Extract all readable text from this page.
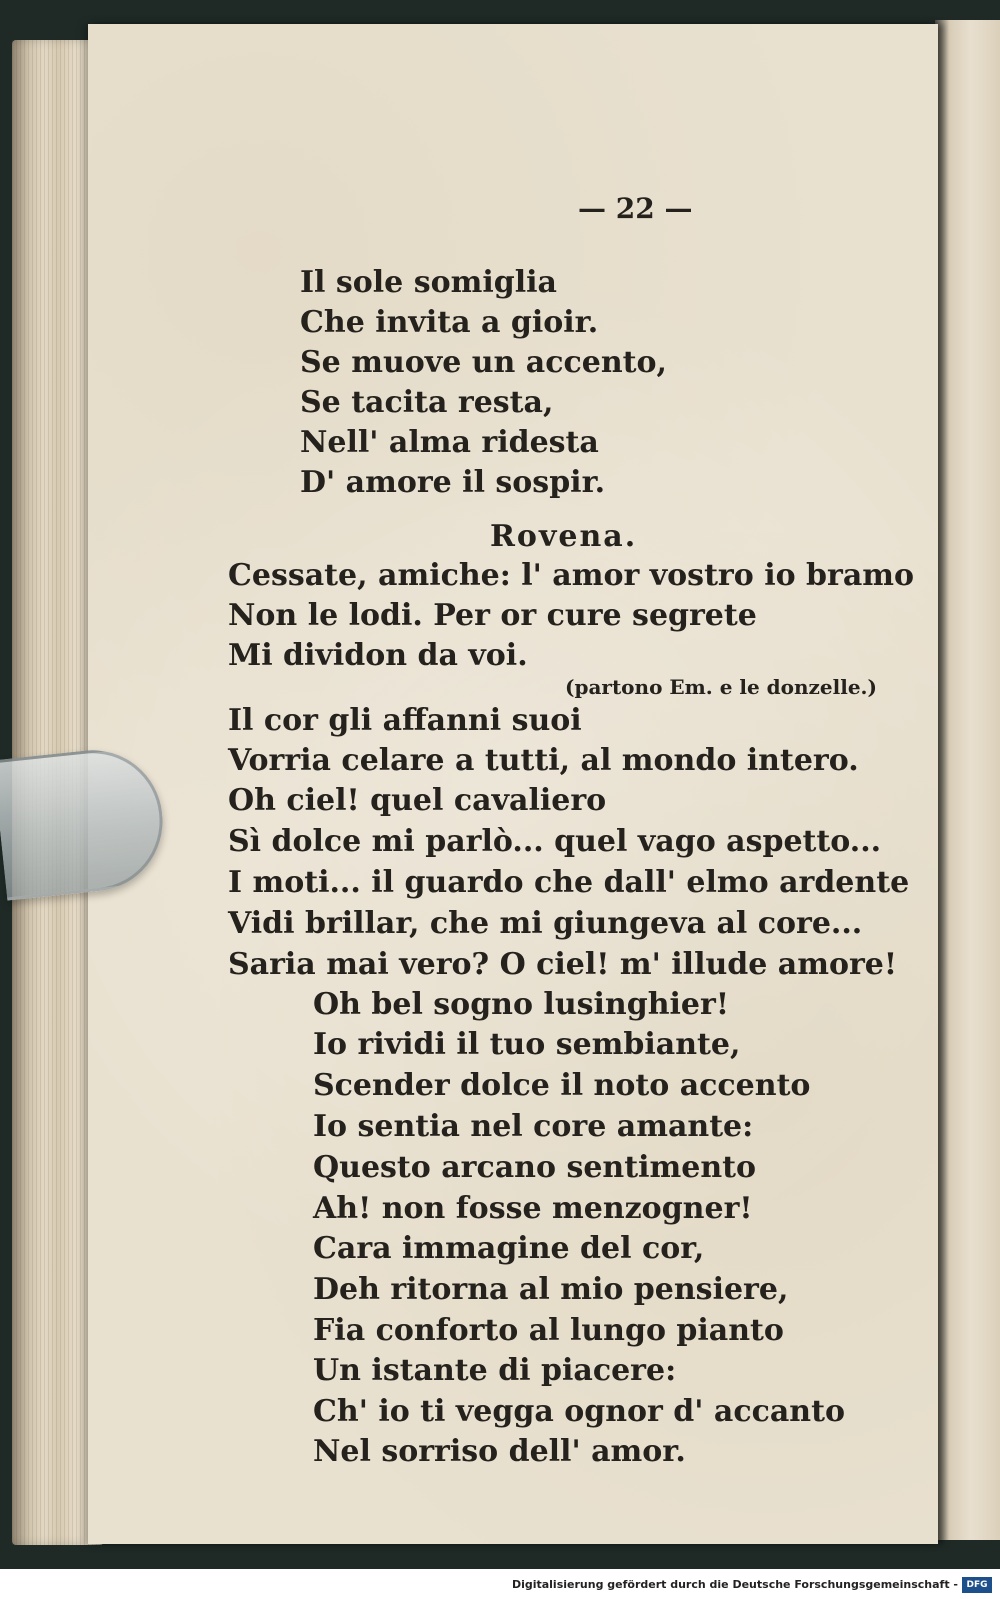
— 22 —

Il sole somiglia

Che invita a gioir.

Se muove un accento,

Se tacita resta,

Nell' alma ridesta

D' amore il sospir.

Rovena.

Cessate, amiche: l' amor vostro io bramo

Non le lodi. Per or cure segrete

Mi dividon da voi.

(partono Em. e le donzelle.)

Il cor gli affanni suoi

Vorria celare a tutti, al mondo intero.

Oh ciel! quel cavaliero

Sì dolce mi parlò... quel vago aspetto...

I moti... il guardo che dall' elmo ardente

Vidi brillar, che mi giungeva al core...

Saria mai vero? O ciel! m' illude amore!

Oh bel sogno lusinghier!

Io rividi il tuo sembiante,

Scender dolce il noto accento

Io sentia nel core amante:

Questo arcano sentimento

Ah! non fosse menzogner!

Cara immagine del cor,

Deh ritorna al mio pensiere,

Fia conforto al lungo pianto

Un istante di piacere:

Ch' io ti vegga ognor d' accanto

Nel sorriso dell' amor.

Digitalisierung gefördert durch die Deutsche Forschungsgemeinschaft - DFG
